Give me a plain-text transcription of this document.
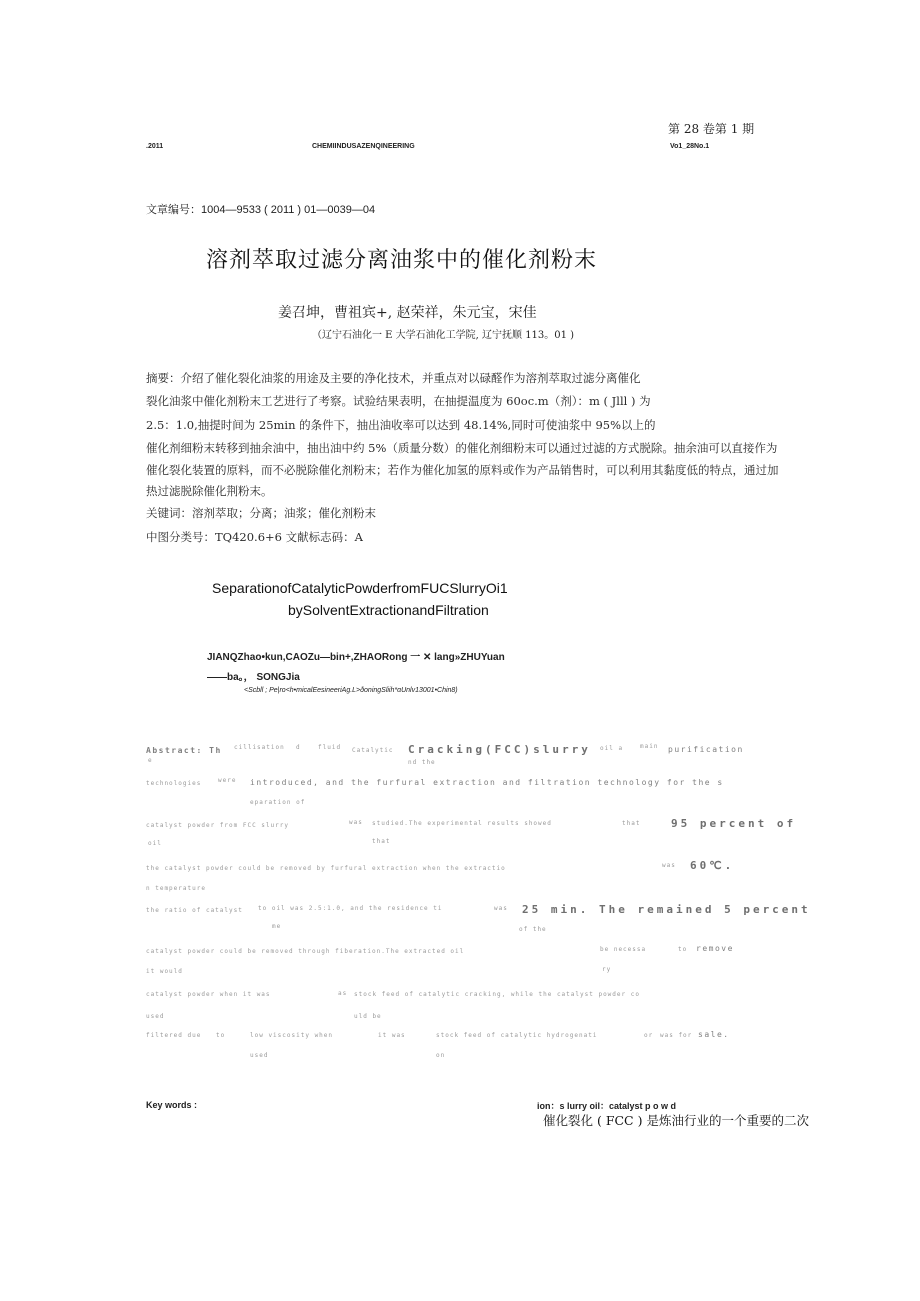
第 28 卷第 1 期
.2011	CHEMIINDUSAZENQINEERING	Vo1_28No.1
文章编号：1004—9533 ( 2011 ) 01—0039—04
溶剂萃取过滤分离油浆中的催化剂粉末
姜召坤，曹祖宾+, 赵荣祥，朱元宝，宋佳
（辽宁石油化一 E 大学石油化工学院, 辽宁抚顺 113。01 )
摘要：介绍了催化裂化油浆的用途及主要的净化技术，并重点对以碌醛作为溶剂萃取过滤分离催化
裂化油浆中催化剂粉末工艺进行了考察。试验结果表明，在抽提温度为 60oc.m（剂）：m ( Jlll ) 为
2.5：1.0,抽提时间为 25min 的条件下，抽出油收率可以达到 48.14%,同时可使油浆中 95%以上的
催化剂细粉末转移到抽余油中，抽出油中约 5%（质量分数）的催化剂细粉末可以通过过滤的方式脱除。抽余油可以直接作为
催化裂化装置的原料，而不必脱除催化剂粉末；若作为催化加氢的原料或作为产品销售时，可以利用其黏度低的特点，通过加
热过滤脱除催化荆粉末。
关键词：溶剂萃取；分离；油浆；催化剂粉末
中图分类号：TQ420.6+6 文献标志码：A
SeparationofCatalyticPowderfromFUCSlurryOi1
bySolventExtractionandFiltration
JIANQZhao•kun,CAOZu—bin+,ZHAORong 一 ✕ lang»ZHUYuan
——ba。， SONGJia
<Scbll ; Pe|ro<h•micalEesineeriAg.L>ðoningSliih*αUnlv13001•Chin8)
Abstract: Th
e
cillisation d	fluid Catalytic Cracking(FCC)slurry oil a	main purification
nd the
technologies	were introduced, and the furfural extraction and filtration technology for the s
eparation of
catalyst powder from FCC slurry	was studied.The experimental results showed	that	95 percent of
oil	that
the catalyst powder could be removed by furfural extraction when the extractio	was 60℃.
n temperature
the ratio of catalyst	to oil was 2.5:1.0, and the residence ti	was
me
25 min. The remained 5 percent
of the
catalyst powder could be removed through fiberation.The extracted oil	be necessa	to remove
it would	ry
catalyst powder when it was	as stock feed of catalytic cracking, while the catalyst powder co
used	uld be
filtered due to	low viscosity when	it was	stock feed of catalytic hydrogenati	or was for sale.
used	on
Key words :	ion：s lurry oil：catalyst p o w d
催化裂化 ( FCC ) 是炼油行业的一个重要的二次
